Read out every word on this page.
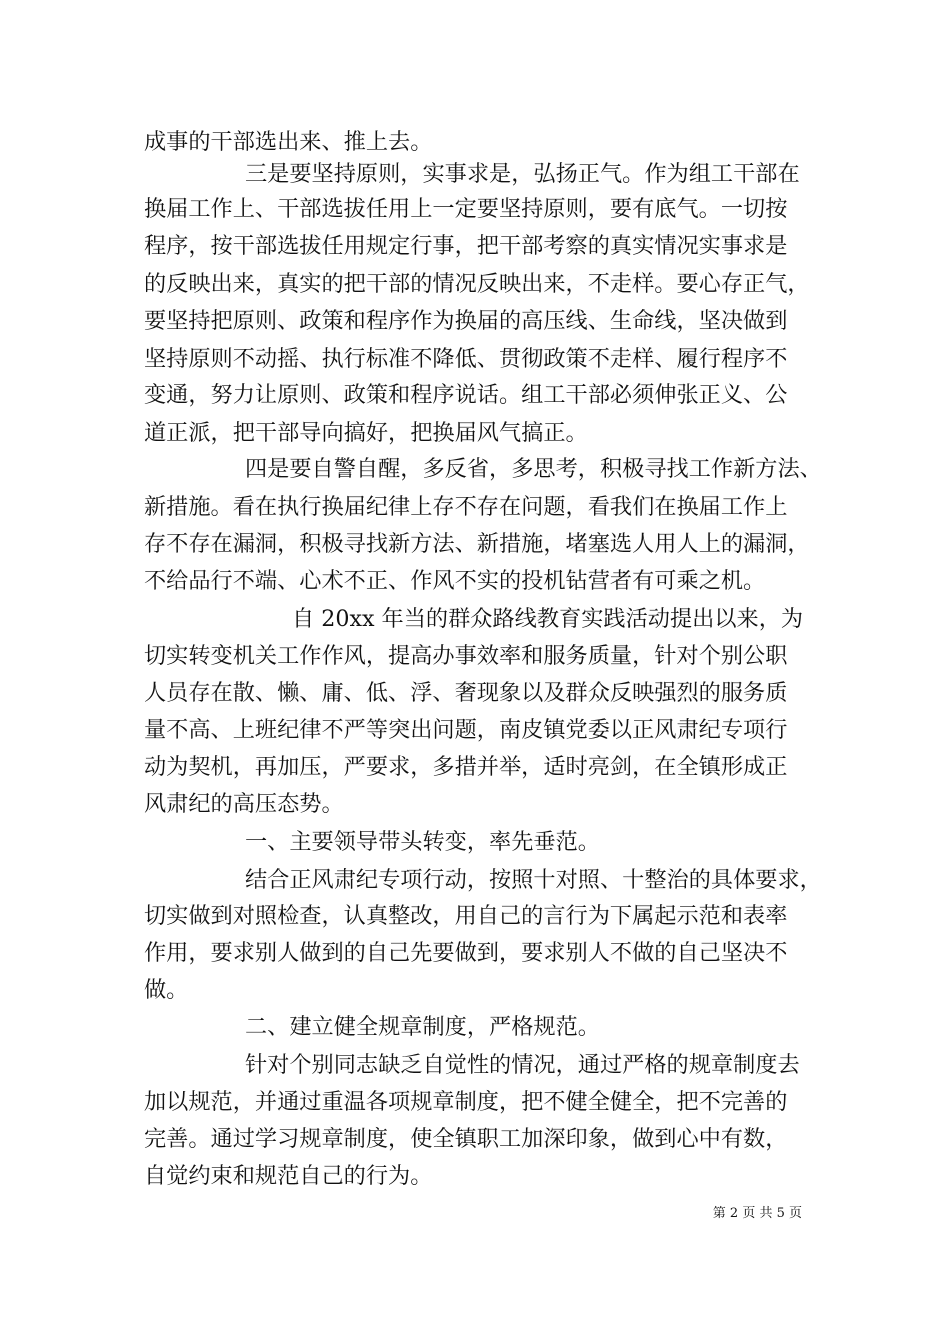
成事的干部选出来、推上去。
三是要坚持原则，实事求是，弘扬正气。作为组工干部在
换届工作上、干部选拔任用上一定要坚持原则，要有底气。一切按
程序，按干部选拔任用规定行事，把干部考察的真实情况实事求是
的反映出来，真实的把干部的情况反映出来，不走样。要心存正气，
要坚持把原则、政策和程序作为换届的高压线、生命线，坚决做到
坚持原则不动摇、执行标准不降低、贯彻政策不走样、履行程序不
变通，努力让原则、政策和程序说话。组工干部必须伸张正义、公
道正派，把干部导向搞好，把换届风气搞正。
四是要自警自醒，多反省，多思考，积极寻找工作新方法、
新措施。看在执行换届纪律上存不存在问题，看我们在换届工作上
存不存在漏洞，积极寻找新方法、新措施，堵塞选人用人上的漏洞，
不给品行不端、心术不正、作风不实的投机钻营者有可乘之机。
自 20xx 年当的群众路线教育实践活动提出以来，为
切实转变机关工作作风，提高办事效率和服务质量，针对个别公职
人员存在散、懒、庸、低、浮、奢现象以及群众反映强烈的服务质
量不高、上班纪律不严等突出问题，南皮镇党委以正风肃纪专项行
动为契机，再加压，严要求，多措并举，适时亮剑，在全镇形成正
风肃纪的高压态势。
一、主要领导带头转变，率先垂范。
结合正风肃纪专项行动，按照十对照、十整治的具体要求，
切实做到对照检查，认真整改，用自己的言行为下属起示范和表率
作用，要求别人做到的自己先要做到，要求别人不做的自己坚决不
做。
二、建立健全规章制度，严格规范。
针对个别同志缺乏自觉性的情况，通过严格的规章制度去
加以规范，并通过重温各项规章制度，把不健全健全，把不完善的
完善。通过学习规章制度，使全镇职工加深印象，做到心中有数，
自觉约束和规范自己的行为。
第 2 页 共 5 页
